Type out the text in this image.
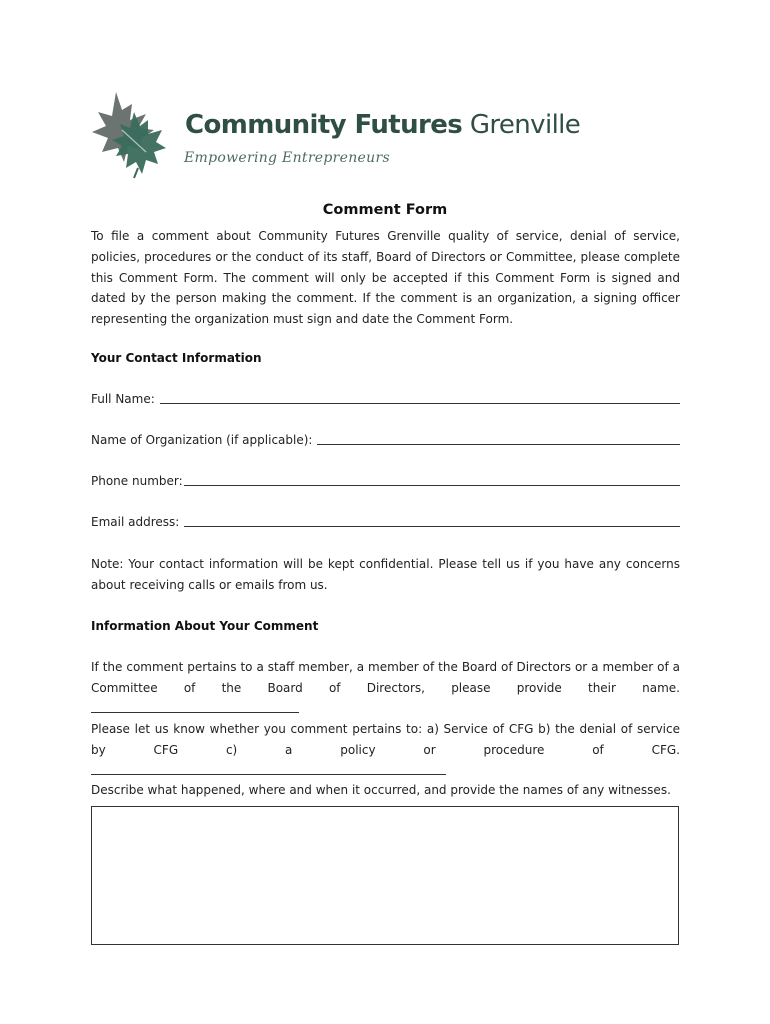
Community Futures Grenville
Empowering Entrepreneurs
Comment Form
To file a comment about Community Futures Grenville quality of service, denial of service, policies, procedures or the conduct of its staff, Board of Directors or Committee, please complete this Comment Form. The comment will only be accepted if this Comment Form is signed and dated by the person making the comment. If the comment is an organization, a signing officer representing the organization must sign and date the Comment Form.
Your Contact Information
Full Name:
Name of Organization (if applicable):
Phone number:
Email address:
Note: Your contact information will be kept confidential. Please tell us if you have any concerns about receiving calls or emails from us.
Information About Your Comment
If the comment pertains to a staff member, a member of the Board of Directors or a member of a Committee of the Board of Directors, please provide their name.
Please let us know whether you comment pertains to: a) Service of CFG b) the denial of service by CFG c) a policy or procedure of CFG.
Describe what happened, where and when it occurred, and provide the names of any witnesses.
